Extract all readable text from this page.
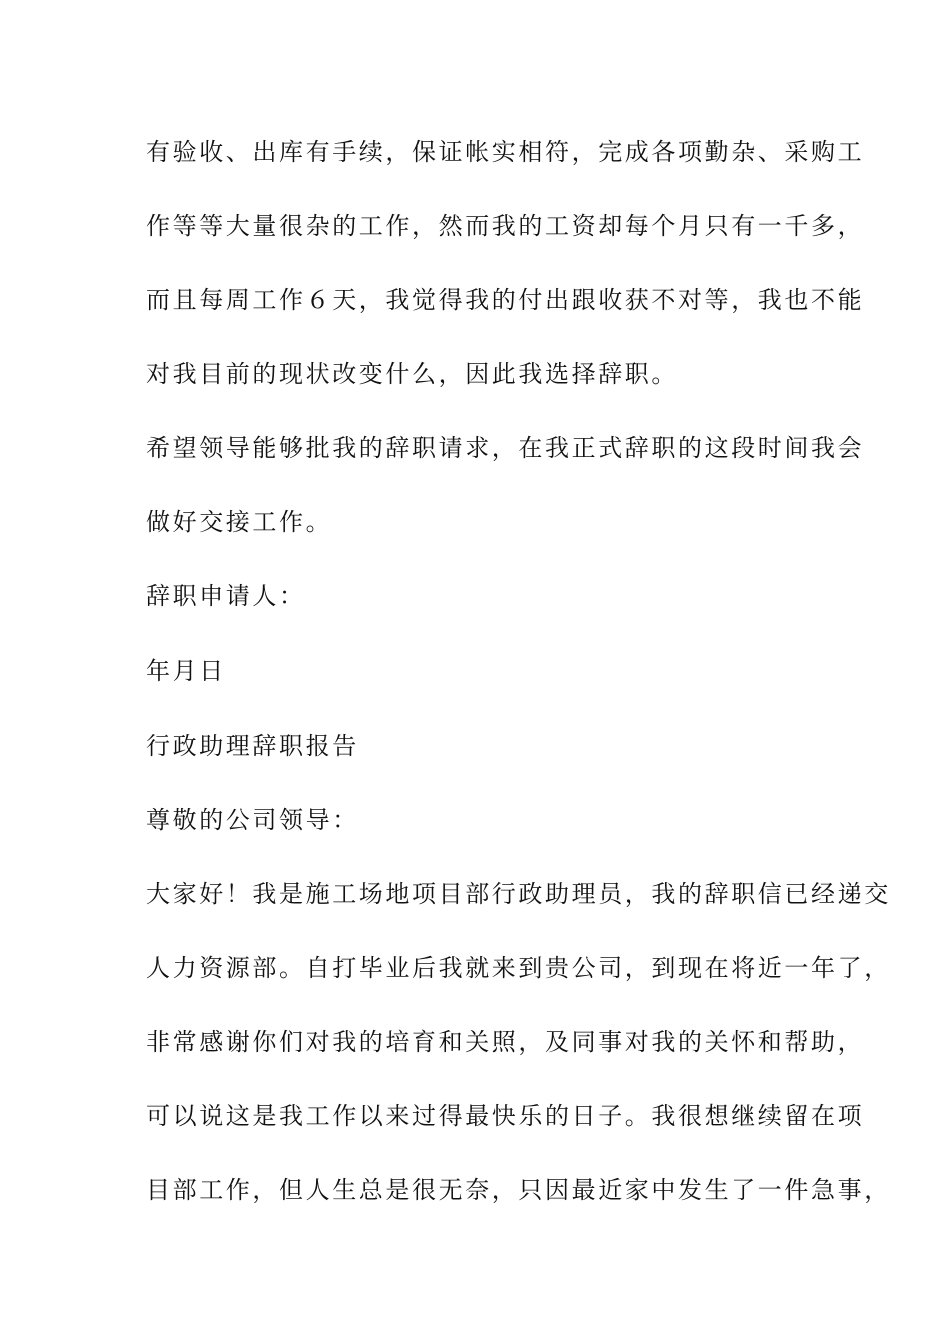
有验收、出库有手续，保证帐实相符，完成各项勤杂、采购工

作等等大量很杂的工作，然而我的工资却每个月只有一千多，

而且每周工作６天，我觉得我的付出跟收获不对等，我也不能

对我目前的现状改变什么，因此我选择辞职。

希望领导能够批我的辞职请求，在我正式辞职的这段时间我会

做好交接工作。

辞职申请人：

年月日

行政助理辞职报告

尊敬的公司领导：

大家好！我是施工场地项目部行政助理员，我的辞职信已经递交

人力资源部。自打毕业后我就来到贵公司，到现在将近一年了，

非常感谢你们对我的培育和关照，及同事对我的关怀和帮助，

可以说这是我工作以来过得最快乐的日子。我很想继续留在项

目部工作，但人生总是很无奈，只因最近家中发生了一件急事，
